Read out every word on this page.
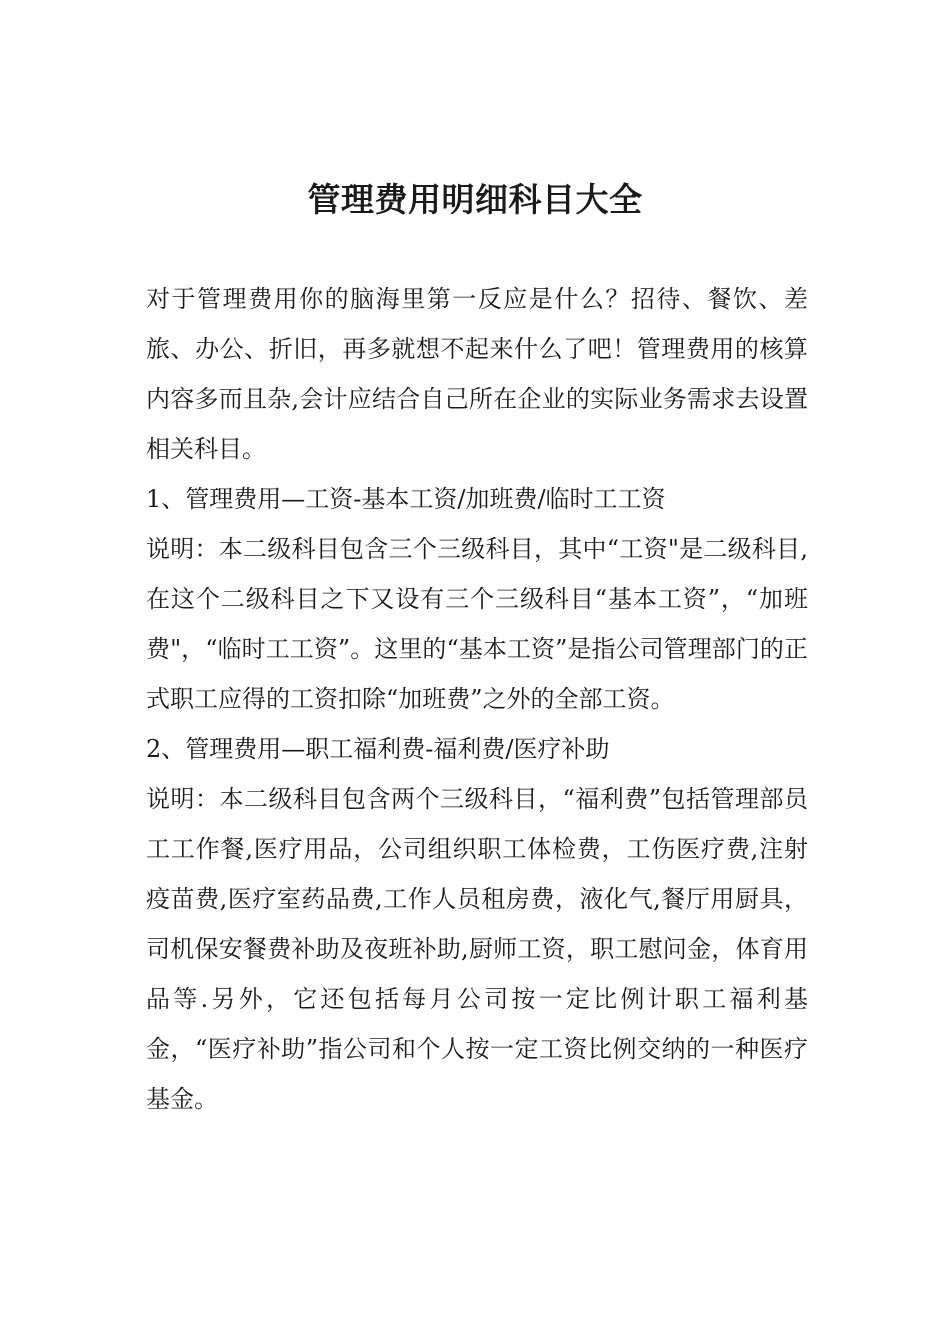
管理费用明细科目大全

对于管理费用你的脑海里第一反应是什么？招待、餐饮、差旅、办公、折旧，再多就想不起来什么了吧！管理费用的核算内容多而且杂,会计应结合自己所在企业的实际业务需求去设置相关科目。

1、管理费用—工资-基本工资/加班费/临时工工资

说明：本二级科目包含三个三级科目，其中“工资"是二级科目,在这个二级科目之下又设有三个三级科目“基本工资”，“加班费"，“临时工工资”。这里的“基本工资”是指公司管理部门的正式职工应得的工资扣除“加班费”之外的全部工资。

2、管理费用—职工福利费-福利费/医疗补助

说明：本二级科目包含两个三级科目，“福利费”包括管理部员工工作餐,医疗用品，公司组织职工体检费，工伤医疗费,注射疫苗费,医疗室药品费,工作人员租房费，液化气,餐厅用厨具，司机保安餐费补助及夜班补助,厨师工资，职工慰问金，体育用品等.另外，它还包括每月公司按一定比例计职工福利基金，“医疗补助”指公司和个人按一定工资比例交纳的一种医疗基金。
